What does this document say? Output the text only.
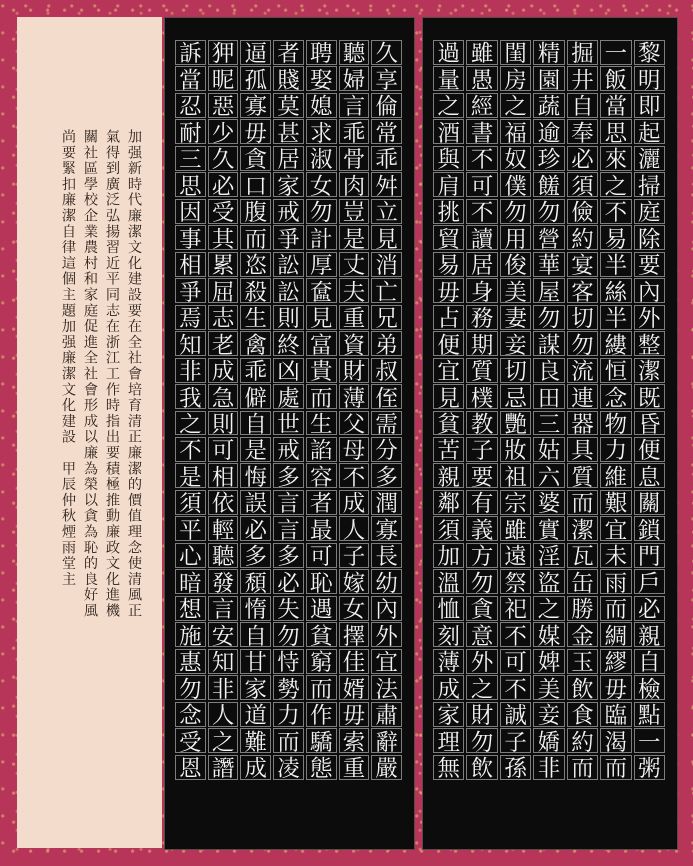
加强新時代廉潔文化建設要在全社會培育清正廉潔的價值理念使清風正
氣得到廣泛弘揚習近平同志在浙江工作時指出要積極推動廉政文化進機
關社區學校企業農村和家庭促進全社會形成以廉為榮以貪為恥的良好風
尚要緊扣廉潔自律這個主題加强廉潔文化建設　甲辰仲秋煙雨堂主
久
享
倫
常
乖
舛
立
見
消
亡
兄
弟
叔
侄
需
分
多
潤
寡
長
幼
內
外
宜
法
肅
辭
嚴
聽
婦
言
乖
骨
肉
豈
是
丈
夫
重
資
財
薄
父
母
不
成
人
子
嫁
女
擇
佳
婿
毋
索
重
聘
娶
媳
求
淑
女
勿
計
厚
奩
見
富
貴
而
生
諂
容
者
最
可
恥
遇
貧
窮
而
作
驕
態
者
賤
莫
甚
居
家
戒
爭
訟
訟
則
終
凶
處
世
戒
多
言
言
多
必
失
勿
恃
勢
力
而
凌
逼
孤
寡
毋
貪
口
腹
而
恣
殺
生
禽
乖
僻
自
是
悔
誤
必
多
頹
惰
自
甘
家
道
難
成
狎
昵
惡
少
久
必
受
其
累
屈
志
老
成
急
則
可
相
依
輕
聽
發
言
安
知
非
人
之
譖
訴
當
忍
耐
三
思
因
事
相
爭
焉
知
非
我
之
不
是
須
平
心
暗
想
施
惠
勿
念
受
恩
黎
明
即
起
灑
掃
庭
除
要
內
外
整
潔
既
昏
便
息
關
鎖
門
戶
必
親
自
檢
點
一
粥
一
飯
當
思
來
之
不
易
半
絲
半
縷
恒
念
物
力
維
艱
宜
未
雨
而
綢
繆
毋
臨
渴
而
掘
井
自
奉
必
須
儉
約
宴
客
切
勿
流
連
器
具
質
而
潔
瓦
缶
勝
金
玉
飲
食
約
而
精
園
蔬
逾
珍
饈
勿
營
華
屋
勿
謀
良
田
三
姑
六
婆
實
淫
盜
之
媒
婢
美
妾
嬌
非
閨
房
之
福
奴
僕
勿
用
俊
美
妻
妾
切
忌
艷
妝
祖
宗
雖
遠
祭
祀
不
可
不
誠
子
孫
雖
愚
經
書
不
可
不
讀
居
身
務
期
質
樸
教
子
要
有
義
方
勿
貪
意
外
之
財
勿
飲
過
量
之
酒
與
肩
挑
貿
易
毋
占
便
宜
見
貧
苦
親
鄰
須
加
溫
恤
刻
薄
成
家
理
無
